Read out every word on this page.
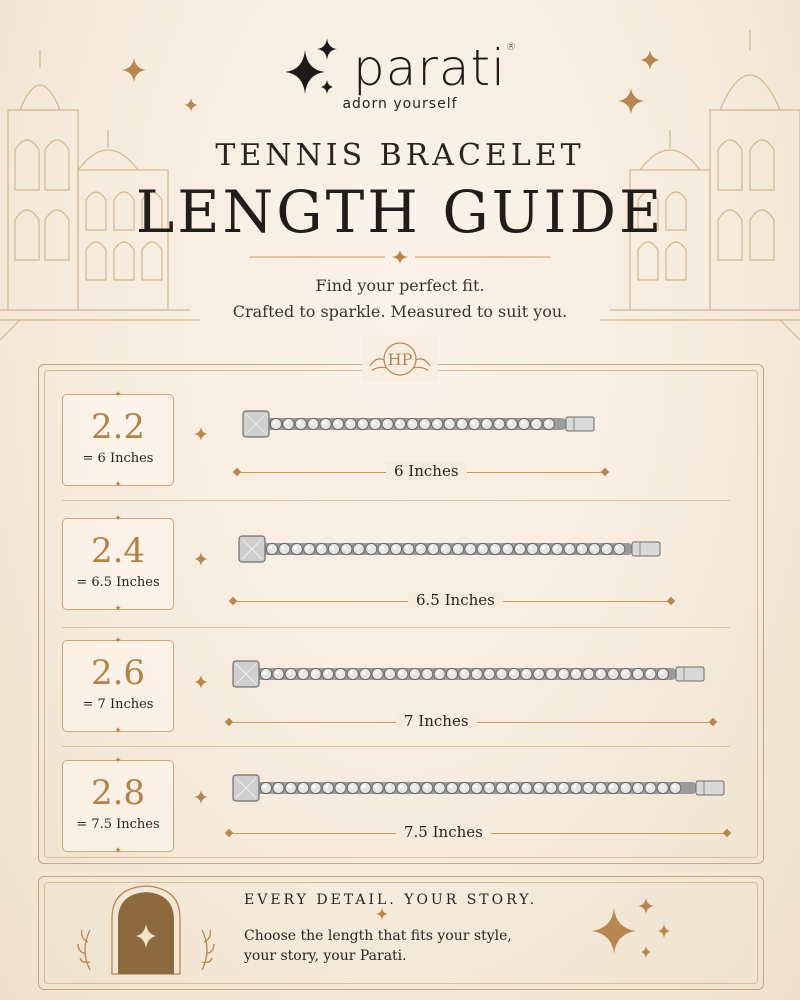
parati®
adorn yourself
TENNIS BRACELET
LENGTH GUIDE
Find your perfect fit.
Crafted to sparkle. Measured to suit you.
HP
✦
2.2
= 6 Inches
✦
6 Inches
✦
2.4
= 6.5 Inches
✦	6.5 Inches
✦
2.6
= 7 Inches
✦
7 Inches
✦
2.8
= 7.5 Inches
✦
7.5 Inches
EVERY DETAIL. YOUR STORY.
Choose the length that fits your style,
your story, your Parati.
